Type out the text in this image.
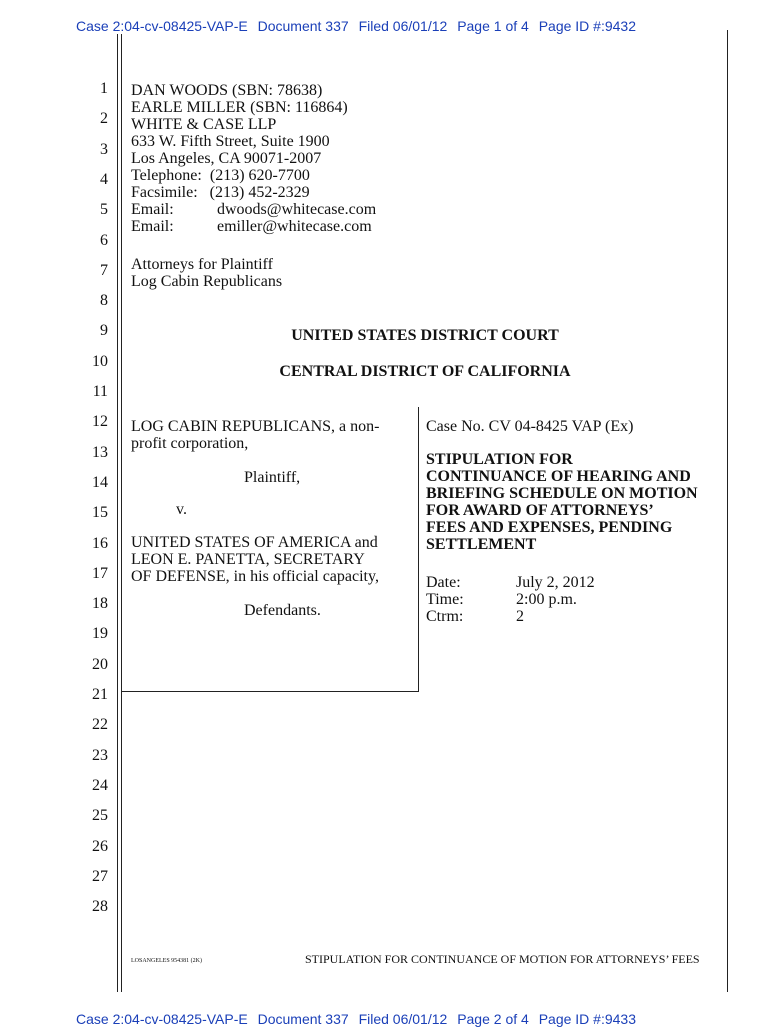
Case 2:04-cv-08425-VAP-E Document 337 Filed 06/01/12 Page 1 of 4 Page ID #:9432
1
2
3
4
5
6
7
8
9
10
11
12
13
14
15
16
17
18
19
20
21
22
23
24
25
26
27
28
DAN WOODS (SBN: 78638)
EARLE MILLER (SBN: 116864)
WHITE & CASE LLP
633 W. Fifth Street, Suite 1900
Los Angeles, CA 90071-2007
Telephone: (213) 620-7700
Facsimile: (213) 452-2329
Email:	dwoods@whitecase.com
Email:	emiller@whitecase.com
Attorneys for Plaintiff
Log Cabin Republicans
UNITED STATES DISTRICT COURT
CENTRAL DISTRICT OF CALIFORNIA
LOG CABIN REPUBLICANS, a non-
profit corporation,
Plaintiff,
v.
UNITED STATES OF AMERICA and
LEON E. PANETTA, SECRETARY
OF DEFENSE, in his official capacity,
Defendants.
Case No. CV 04-8425 VAP (Ex)
STIPULATION FOR
CONTINUANCE OF HEARING AND
BRIEFING SCHEDULE ON MOTION
FOR AWARD OF ATTORNEYS’
FEES AND EXPENSES, PENDING
SETTLEMENT
Date:	July 2, 2012
Time:	2:00 p.m.
Ctrm:	2
LOSANGELES 954381 (2K)	STIPULATION FOR CONTINUANCE OF MOTION FOR ATTORNEYS’ FEES
Case 2:04-cv-08425-VAP-E Document 337 Filed 06/01/12 Page 2 of 4 Page ID #:9433
